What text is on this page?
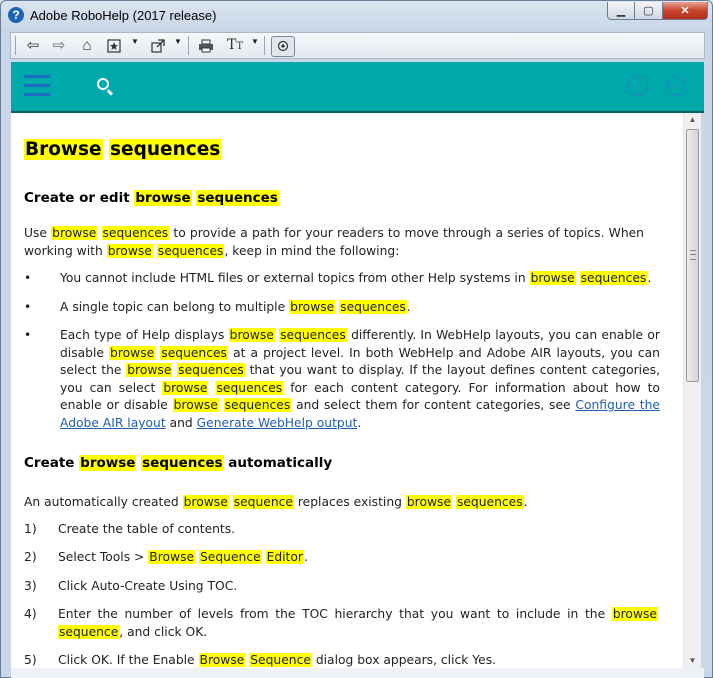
? Adobe RoboHelp (2017 release)	▁	▢	✕
⇦ ⇨	⌂	▼	▼	TT	▼
←	→
Browse sequences
Create or edit browse sequences

Use browse sequences to provide a path for your readers to move through a series of topics. When working with browse sequences, keep in mind the following:

•	You cannot include HTML files or external topics from other Help systems in browse sequences.
•	A single topic can belong to multiple browse sequences.
•	Each type of Help displays browse sequences differently. In WebHelp layouts, you can enable or disable browse sequences at a project level. In both WebHelp and Adobe AIR layouts, you can select the browse sequences that you want to display. If the layout defines content categories, you can select browse sequences for each content category. For information about how to enable or disable browse sequences and select them for content categories, see Configure the Adobe AIR layout and Generate WebHelp output.
Create browse sequences automatically

An automatically created browse sequence replaces existing browse sequences.

1)	Create the table of contents.
2)	Select Tools > Browse Sequence Editor.
3)	Click Auto-Create Using TOC.
4)	Enter the number of levels from the TOC hierarchy that you want to include in the browse sequence, and click OK.
5)	Click OK. If the Enable Browse Sequence dialog box appears, click Yes.
▲
▼
